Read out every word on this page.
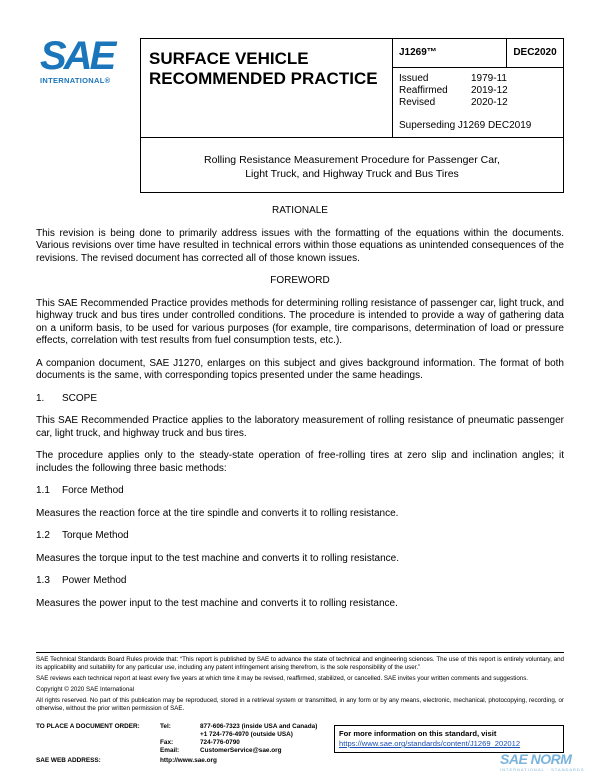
SAE
INTERNATIONAL®
SURFACE VEHICLE
RECOMMENDED PRACTICE
J1269™	DEC2020
Issued	1979-11
Reaffirmed	2019-12
Revised	2020-12
Superseding J1269 DEC2019
Rolling Resistance Measurement Procedure for Passenger Car,
Light Truck, and Highway Truck and Bus Tires
RATIONALE
This revision is being done to primarily address issues with the formatting of the equations within the documents. Various revisions over time have resulted in technical errors within those equations as unintended consequences of the revisions. The revised document has corrected all of those known issues.
FOREWORD
This SAE Recommended Practice provides methods for determining rolling resistance of passenger car, light truck, and highway truck and bus tires under controlled conditions. The procedure is intended to provide a way of gathering data on a uniform basis, to be used for various purposes (for example, tire comparisons, determination of load or pressure effects, correlation with test results from fuel consumption tests, etc.).
A companion document, SAE J1270, enlarges on this subject and gives background information. The format of both documents is the same, with corresponding topics presented under the same headings.
1. SCOPE
This SAE Recommended Practice applies to the laboratory measurement of rolling resistance of pneumatic passenger car, light truck, and highway truck and bus tires.
The procedure applies only to the steady-state operation of free-rolling tires at zero slip and inclination angles; it includes the following three basic methods:
1.1 Force Method
Measures the reaction force at the tire spindle and converts it to rolling resistance.
1.2 Torque Method
Measures the torque input to the test machine and converts it to rolling resistance.
1.3 Power Method
Measures the power input to the test machine and converts it to rolling resistance.

SAE Technical Standards Board Rules provide that: “This report is published by SAE to advance the state of technical and engineering sciences. The use of this report is entirely voluntary, and its applicability and suitability for any particular use, including any patent infringement arising therefrom, is the sole responsibility of the user.”

SAE reviews each technical report at least every five years at which time it may be revised, reaffirmed, stabilized, or cancelled. SAE invites your written comments and suggestions.

Copyright © 2020 SAE International

All rights reserved. No part of this publication may be reproduced, stored in a retrieval system or transmitted, in any form or by any means, electronic, mechanical, photocopying, recording, or otherwise, without the prior written permission of SAE.

TO PLACE A DOCUMENT ORDER:	Tel:	877-606-7323 (inside USA and Canada)
+1 724-776-4970 (outside USA)
Fax:	724-776-0790
Email:	CustomerService@sae.org
SAE WEB ADDRESS:	http://www.sae.org
For more information on this standard, visit
https://www.sae.org/standards/content/J1269_202012
SAE NORM
INTERNATIONAL · STANDARDS
